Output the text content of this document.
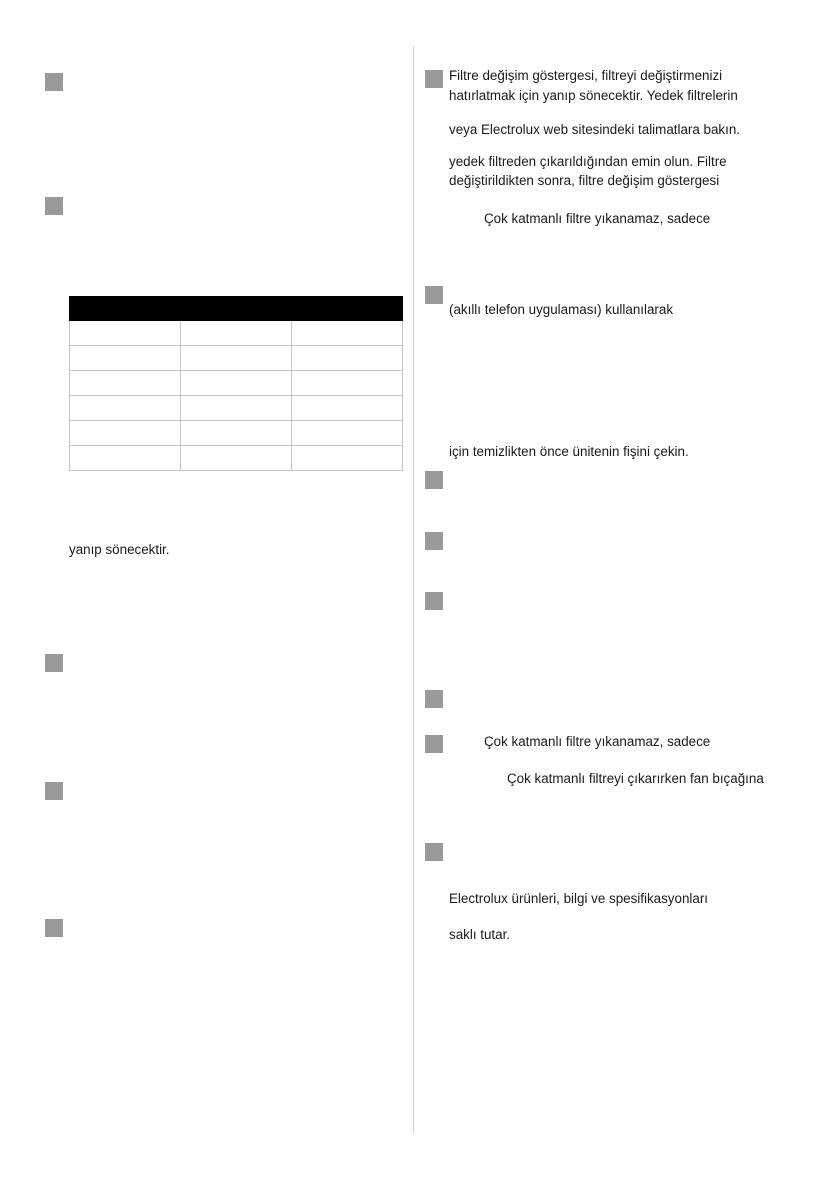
yanıp sönecektir.
Filtre değişim göstergesi, filtreyi değiştirmenizi
hatırlatmak için yanıp sönecektir. Yedek filtrelerin
veya Electrolux web sitesindeki talimatlara bakın.
yedek filtreden çıkarıldığından emin olun. Filtre
değiştirildikten sonra, filtre değişim göstergesi
Çok katmanlı filtre yıkanamaz, sadece
(akıllı telefon uygulaması) kullanılarak
için temizlikten önce ünitenin fişini çekin.
Çok katmanlı filtre yıkanamaz, sadece
Çok katmanlı filtreyi çıkarırken fan bıçağına
Electrolux ürünleri, bilgi ve spesifikasyonları
saklı tutar.
